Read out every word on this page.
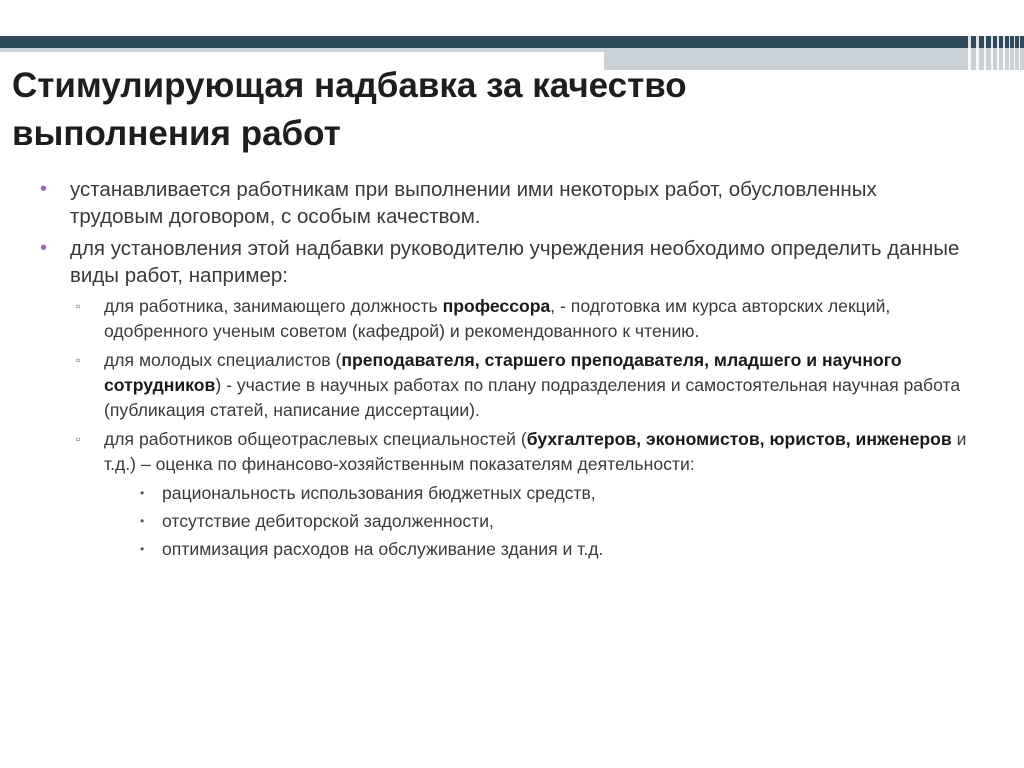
Стимулирующая надбавка за качество выполнения работ
• устанавливается работникам при выполнении ими некоторых работ, обусловленных трудовым договором, с особым качеством.
• для установления этой надбавки руководителю учреждения необходимо определить данные виды работ, например:
▫ для работника, занимающего должность профессора, - подготовка им курса авторских лекций, одобренного ученым советом (кафедрой) и рекомендованного к чтению.
▫ для молодых специалистов (преподавателя, старшего преподавателя, младшего и научного сотрудников) - участие в научных работах по плану подразделения и самостоятельная научная работа (публикация статей, написание диссертации).
▫ для работников общеотраслевых специальностей (бухгалтеров, экономистов, юристов, инженеров и т.д.) – оценка по финансово-хозяйственным показателям деятельности:
• рациональность использования бюджетных средств,
• отсутствие дебиторской задолженности,
• оптимизация расходов на обслуживание здания и т.д.
